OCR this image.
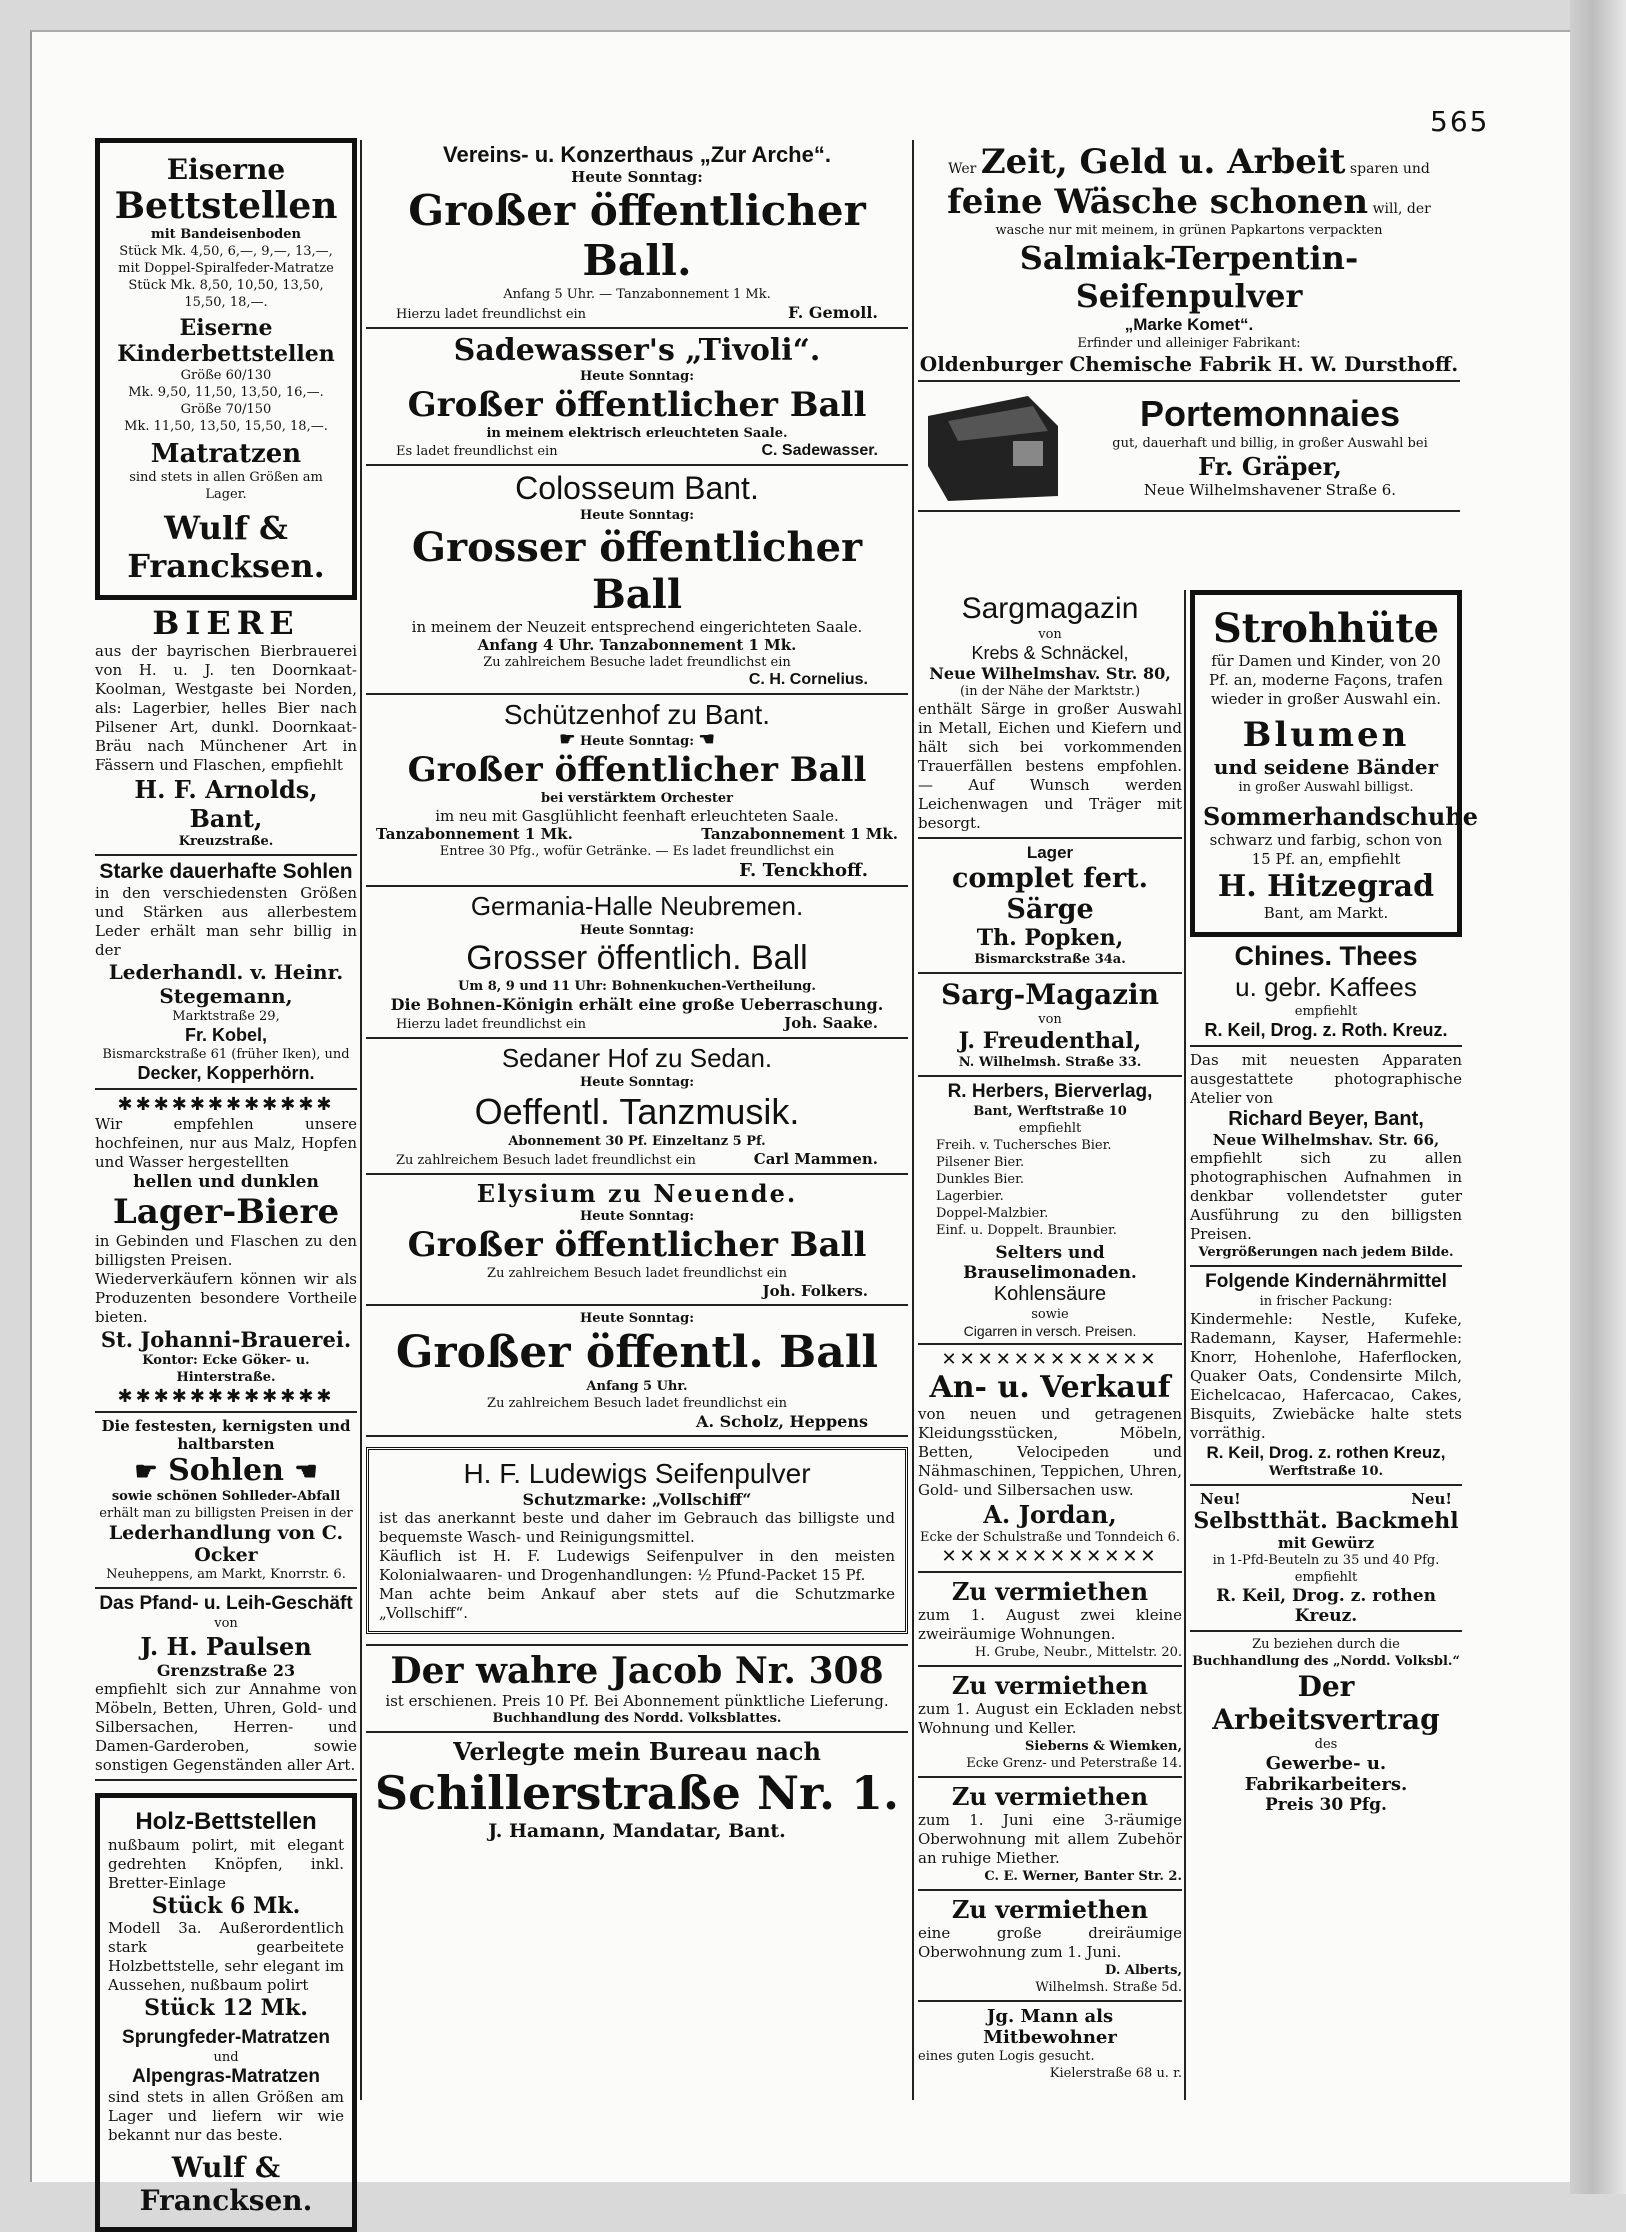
565
Eiserne
Bettstellen
mit Bandeisenboden
Stück Mk. 4,50, 6,—, 9,—, 13,—,
mit Doppel-Spiralfeder-Matratze
Stück Mk. 8,50, 10,50, 13,50,
15,50, 18,—.
Eiserne Kinderbettstellen
Größe 60/130
Mk. 9,50, 11,50, 13,50, 16,—.
Größe 70/150
Mk. 11,50, 13,50, 15,50, 18,—.
Matratzen
sind stets in allen Größen am Lager.
Wulf & Francksen.
BIERE
aus der bayrischen Bierbrauerei von H. u. J. ten Doornkaat-Koolman, Westgaste bei Norden, als: Lagerbier, helles Bier nach Pilsener Art, dunkl. Doornkaat-Bräu nach Münchener Art in Fässern und Flaschen, empfiehlt
H. F. Arnolds, Bant,
Kreuzstraße.
Starke dauerhafte Sohlen
in den verschiedensten Größen und Stärken aus allerbestem Leder erhält man sehr billig in der
Lederhandl. v. Heinr. Stegemann,
Marktstraße 29,
Fr. Kobel,
Bismarckstraße 61 (früher Iken), und
Decker, Kopperhörn.
✱✱✱✱✱✱✱✱✱✱✱✱
Wir empfehlen unsere hochfeinen, nur aus Malz, Hopfen und Wasser hergestellten
hellen und dunklen
Lager-Biere
in Gebinden und Flaschen zu den billigsten Preisen.
Wiederverkäufern können wir als Produzenten besondere Vortheile bieten.
St. Johanni-Brauerei.
Kontor: Ecke Göker- u. Hinterstraße.
✱✱✱✱✱✱✱✱✱✱✱✱
Die festesten, kernigsten und haltbarsten
☛ Sohlen ☚
sowie schönen Sohlleder-Abfall
erhält man zu billigsten Preisen in der
Lederhandlung von C. Ocker
Neuheppens, am Markt, Knorrstr. 6.
Das Pfand- u. Leih-Geschäft
von
J. H. Paulsen
Grenzstraße 23
empfiehlt sich zur Annahme von Möbeln, Betten, Uhren, Gold- und Silbersachen, Herren- und Damen-Garderoben, sowie sonstigen Gegenständen aller Art.
Holz-Bettstellen
nußbaum polirt, mit elegant gedrehten Knöpfen, inkl. Bretter-Einlage
Stück 6 Mk.
Modell 3a. Außerordentlich stark gearbeitete Holzbettstelle, sehr elegant im Aussehen, nußbaum polirt
Stück 12 Mk.
Sprungfeder-Matratzen
und
Alpengras-Matratzen
sind stets in allen Größen am Lager und liefern wir wie bekannt nur das beste.
Wulf & Francksen.
Vereins- u. Konzerthaus „Zur Arche“.
Heute Sonntag:
Großer öffentlicher Ball.
Anfang 5 Uhr. — Tanzabonnement 1 Mk.
Hierzu ladet freundlichst ein	F. Gemoll.
Sadewasser's „Tivoli“.
Heute Sonntag:
Großer öffentlicher Ball
in meinem elektrisch erleuchteten Saale.
Es ladet freundlichst ein	C. Sadewasser.
Colosseum Bant.
Heute Sonntag:
Grosser öffentlicher Ball
in meinem der Neuzeit entsprechend eingerichteten Saale.
Anfang 4 Uhr. Tanzabonnement 1 Mk.
Zu zahlreichem Besuche ladet freundlichst ein
C. H. Cornelius.
Schützenhof zu Bant.
☛ Heute Sonntag: ☚
Großer öffentlicher Ball
bei verstärktem Orchester
im neu mit Gasglühlicht feenhaft erleuchteten Saale.
Tanzabonnement 1 Mk.	Tanzabonnement 1 Mk.
Entree 30 Pfg., wofür Getränke. — Es ladet freundlichst ein
F. Tenckhoff.
Germania-Halle Neubremen.
Heute Sonntag:
Grosser öffentlich. Ball
Um 8, 9 und 11 Uhr: Bohnenkuchen-Vertheilung.
Die Bohnen-Königin erhält eine große Ueberraschung.
Hierzu ladet freundlichst ein	Joh. Saake.
Sedaner Hof zu Sedan.
Heute Sonntag:
Oeffentl. Tanzmusik.
Abonnement 30 Pf. Einzeltanz 5 Pf.
Zu zahlreichem Besuch ladet freundlichst ein	Carl Mammen.
Elysium zu Neuende.
Heute Sonntag:
Großer öffentlicher Ball
Zu zahlreichem Besuch ladet freundlichst ein
Joh. Folkers.
Heute Sonntag:
Großer öffentl. Ball
Anfang 5 Uhr.
Zu zahlreichem Besuch ladet freundlichst ein
A. Scholz, Heppens
H. F. Ludewigs Seifenpulver
Schutzmarke: „Vollschiff“
ist das anerkannt beste und daher im Gebrauch das billigste und bequemste Wasch- und Reinigungsmittel.
Käuflich ist H. F. Ludewigs Seifenpulver in den meisten Kolonialwaaren- und Drogenhandlungen: ½ Pfund-Packet 15 Pf.
Man achte beim Ankauf aber stets auf die Schutzmarke „Vollschiff“.
Der wahre Jacob Nr. 308
ist erschienen. Preis 10 Pf. Bei Abonnement pünktliche Lieferung.
Buchhandlung des Nordd. Volksblattes.
Verlegte mein Bureau nach
Schillerstraße Nr. 1.
J. Hamann, Mandatar, Bant.
Wer Zeit, Geld u. Arbeit sparen und
feine Wäsche schonen will, der
wasche nur mit meinem, in grünen Papkartons verpackten
Salmiak-Terpentin-Seifenpulver
„Marke Komet“.
Erfinder und alleiniger Fabrikant:
Oldenburger Chemische Fabrik H. W. Dursthoff.
Portemonnaies
gut, dauerhaft und billig, in großer Auswahl bei
Fr. Gräper,
Neue Wilhelmshavener Straße 6.
Sargmagazin
von
Krebs & Schnäckel,
Neue Wilhelmshav. Str. 80,
(in der Nähe der Marktstr.)
enthält Särge in großer Auswahl in Metall, Eichen und Kiefern und hält sich bei vorkommenden Trauerfällen bestens empfohlen. — Auf Wunsch werden Leichenwagen und Träger mit besorgt.
Lager
complet fert. Särge
Th. Popken,
Bismarckstraße 34a.
Sarg-Magazin
von
J. Freudenthal,
N. Wilhelmsh. Straße 33.
R. Herbers, Bierverlag,
Bant, Werftstraße 10
empfiehlt
Freih. v. Tuchersches Bier.
Pilsener Bier.
Dunkles Bier.
Lagerbier.
Doppel-Malzbier.
Einf. u. Doppelt. Braunbier.
Selters und Brauselimonaden.
Kohlensäure
sowie
Cigarren in versch. Preisen.
✕✕✕✕✕✕✕✕✕✕✕✕
An- u. Verkauf
von neuen und getragenen Kleidungsstücken, Möbeln, Betten, Velocipeden und Nähmaschinen, Teppichen, Uhren, Gold- und Silbersachen usw.
A. Jordan,
Ecke der Schulstraße und Tonndeich 6.
✕✕✕✕✕✕✕✕✕✕✕✕
Zu vermiethen
zum 1. August zwei kleine zweiräumige Wohnungen.
H. Grube, Neubr., Mittelstr. 20.
Zu vermiethen
zum 1. August ein Eckladen nebst Wohnung und Keller.
Sieberns & Wiemken,
Ecke Grenz- und Peterstraße 14.
Zu vermiethen
zum 1. Juni eine 3-räumige Oberwohnung mit allem Zubehör an ruhige Miether.
C. E. Werner, Banter Str. 2.
Zu vermiethen
eine große dreiräumige Oberwohnung zum 1. Juni.
D. Alberts,
Wilhelmsh. Straße 5d.
Jg. Mann als Mitbewohner
eines guten Logis gesucht.
Kielerstraße 68 u. r.
Strohhüte
für Damen und Kinder, von 20 Pf. an, moderne Façons, trafen wieder in großer Auswahl ein.
Blumen
und seidene Bänder
in großer Auswahl billigst.
Sommerhandschuhe
schwarz und farbig, schon von 15 Pf. an, empfiehlt
H. Hitzegrad
Bant, am Markt.
Chines. Thees
u. gebr. Kaffees
empfiehlt
R. Keil, Drog. z. Roth. Kreuz.
Das mit neuesten Apparaten ausgestattete photographische Atelier von
Richard Beyer, Bant,
Neue Wilhelmshav. Str. 66,
empfiehlt sich zu allen photographischen Aufnahmen in denkbar vollendetster guter Ausführung zu den billigsten Preisen.
Vergrößerungen nach jedem Bilde.
Folgende Kindernährmittel
in frischer Packung:
Kindermehle: Nestle, Kufeke, Rademann, Kayser, Hafermehle: Knorr, Hohenlohe, Haferflocken, Quaker Oats, Condensirte Milch, Eichelcacao, Hafercacao, Cakes, Bisquits, Zwiebäcke halte stets vorräthig.
R. Keil, Drog. z. rothen Kreuz,
Werftstraße 10.
Neu!	Neu!
Selbstthät. Backmehl
mit Gewürz
in 1-Pfd-Beuteln zu 35 und 40 Pfg. empfiehlt
R. Keil, Drog. z. rothen Kreuz.
Zu beziehen durch die
Buchhandlung des „Nordd. Volksbl.“
Der Arbeitsvertrag
des
Gewerbe- u. Fabrikarbeiters.
Preis 30 Pfg.
